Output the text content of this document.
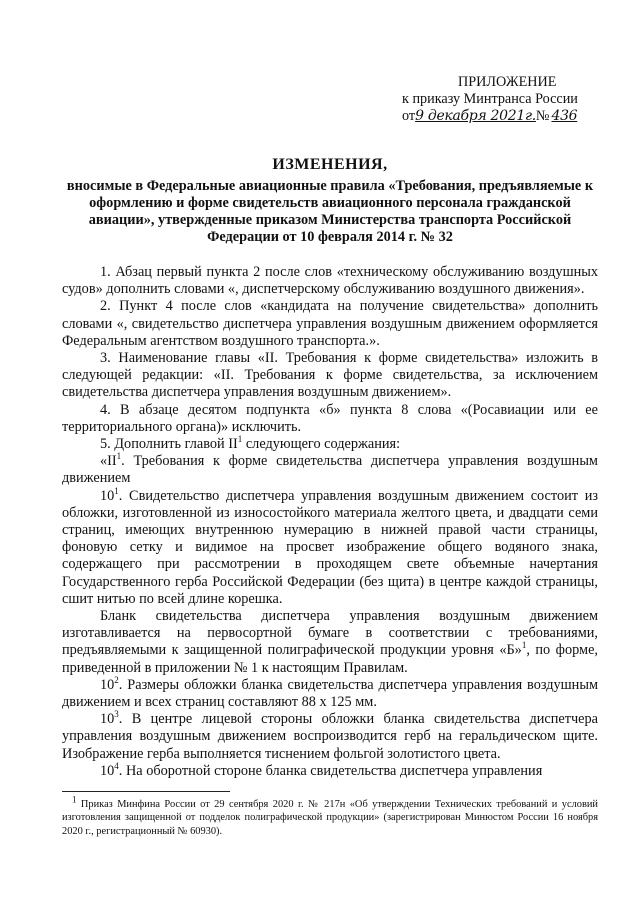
ПРИЛОЖЕНИЕ
к приказу Минтранса России
от9 декабря 2021г.№ 436
ИЗМЕНЕНИЯ,
вносимые в Федеральные авиационные правила «Требования, предъявляемые к оформлению и форме свидетельств авиационного персонала гражданской авиации», утвержденные приказом Министерства транспорта Российской Федерации от 10 февраля 2014 г. № 32

1. Абзац первый пункта 2 после слов «техническому обслуживанию воздушных судов» дополнить словами «, диспетчерскому обслуживанию воздушного движения».

2. Пункт 4 после слов «кандидата на получение свидетельства» дополнить словами «, свидетельство диспетчера управления воздушным движением оформляется Федеральным агентством воздушного транспорта.».

3. Наименование главы «II. Требования к форме свидетельства» изложить в следующей редакции: «II. Требования к форме свидетельства, за исключением свидетельства диспетчера управления воздушным движением».

4. В абзаце десятом подпункта «б» пункта 8 слова «(Росавиации или ее территориального органа)» исключить.

5. Дополнить главой $II^1$ следующего содержания:

«$II^1$. Требования к форме свидетельства диспетчера управления воздушным движением

$10^1$. Свидетельство диспетчера управления воздушным движением состоит из обложки, изготовленной из износостойкого материала желтого цвета, и двадцати семи страниц, имеющих внутреннюю нумерацию в нижней правой части страницы, фоновую сетку и видимое на просвет изображение общего водяного знака, содержащего при рассмотрении в проходящем свете объемные начертания Государственного герба Российской Федерации (без щита) в центре каждой страницы, сшит нитью по всей длине корешка.

Бланк свидетельства диспетчера управления воздушным движением изготавливается на первосортной бумаге в соответствии с требованиями, предъявляемыми к защищенной полиграфической продукции уровня «Б»$^1$, по форме, приведенной в приложении № 1 к настоящим Правилам.

$10^2$. Размеры обложки бланка свидетельства диспетчера управления воздушным движением и всех страниц составляют 88 х 125 мм.

$10^3$. В центре лицевой стороны обложки бланка свидетельства диспетчера управления воздушным движением воспроизводится герб на геральдическом щите. Изображение герба выполняется тиснением фольгой золотистого цвета.

$10^4$. На оборотной стороне бланка свидетельства диспетчера управления

$^1$ Приказ Минфина России от 29 сентября 2020 г. № 217н «Об утверждении Технических требований и условий изготовления защищенной от подделок полиграфической продукции» (зарегистрирован Минюстом России 16 ноября 2020 г., регистрационный № 60930).
